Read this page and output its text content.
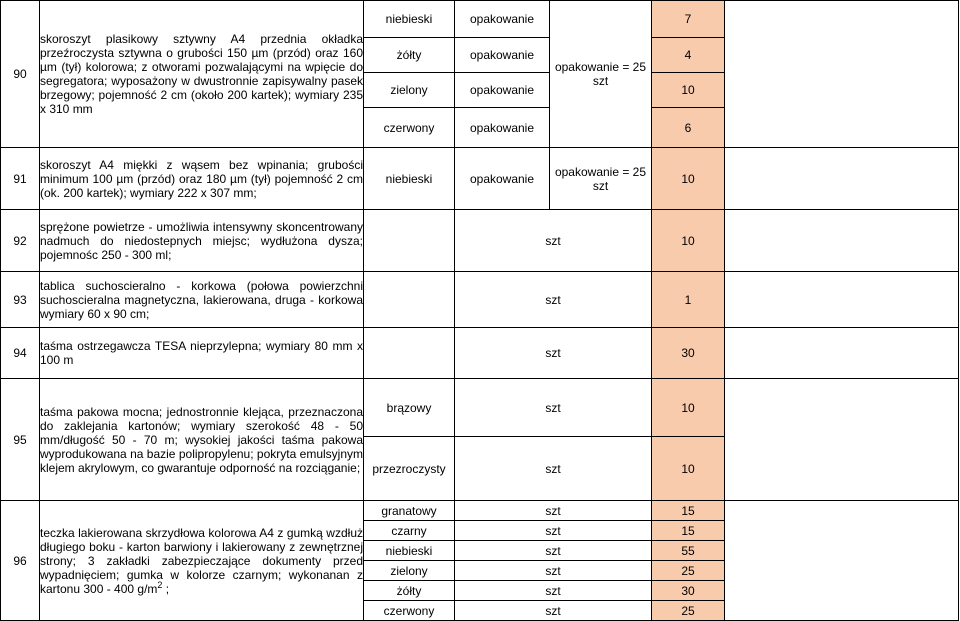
90	skoroszyt plasikowy sztywny A4 przednia okładka przeźroczysta sztywna o grubości 150 µm (przód) oraz 160 µm (tył) kolorowa; z otworami pozwalającymi na wpięcie do segregatora; wyposażony w dwustronnie zapisywalny pasek brzegowy; pojemność 2 cm (około 200 kartek); wymiary 235 x 310 mm	niebieski	opakowanie	opakowanie = 25 szt	7	
		żółty	opakowanie		4	
		zielony	opakowanie		10	
		czerwony	opakowanie		6	
91	skoroszyt A4 miękki z wąsem bez wpinania; grubości minimum 100 µm (przód) oraz 180 µm (tył) pojemność 2 cm (ok. 200 kartek); wymiary 222 x 307 mm;	niebieski	opakowanie	opakowanie = 25 szt	10	
92	sprężone powietrze - umożliwia intensywny skoncentrowany nadmuch do niedostepnych miejsc; wydłużona dysza; pojemnośc 250 - 300 ml;		szt		10	
93	tablica suchoscieralno - korkowa (połowa powierzchni suchoscieralna magnetyczna, lakierowana, druga - korkowa wymiary 60 x 90 cm;		szt		1	
94	taśma ostrzegawcza TESA nieprzylepna; wymiary 80 mm x 100 m		szt		30	
95	taśma pakowa mocna; jednostronnie klejąca, przeznaczona do zaklejania kartonów; wymiary szerokość 48 - 50 mm/długość 50 - 70 m; wysokiej jakości taśma pakowa wyprodukowana na bazie polipropylenu; pokryta emulsyjnym klejem akrylowym, co gwarantuje odporność na rozciąganie;	brązowy	szt		10	
		przezroczysty	szt		10	
96	teczka lakierowana skrzydłowa kolorowa A4 z gumką wzdłuż długiego boku - karton barwiony i lakierowany z zewnętrznej strony; 3 zakładki zabezpieczające dokumenty przed wypadnięciem; gumka w kolorze czarnym; wykonanan z kartonu 300 - 400 $g/m^2$ ;	granatowy	szt		15	
		czarny	szt		15	
		niebieski	szt		55	
		zielony	szt		25	
		żółty	szt		30	
		czerwony	szt		25	
